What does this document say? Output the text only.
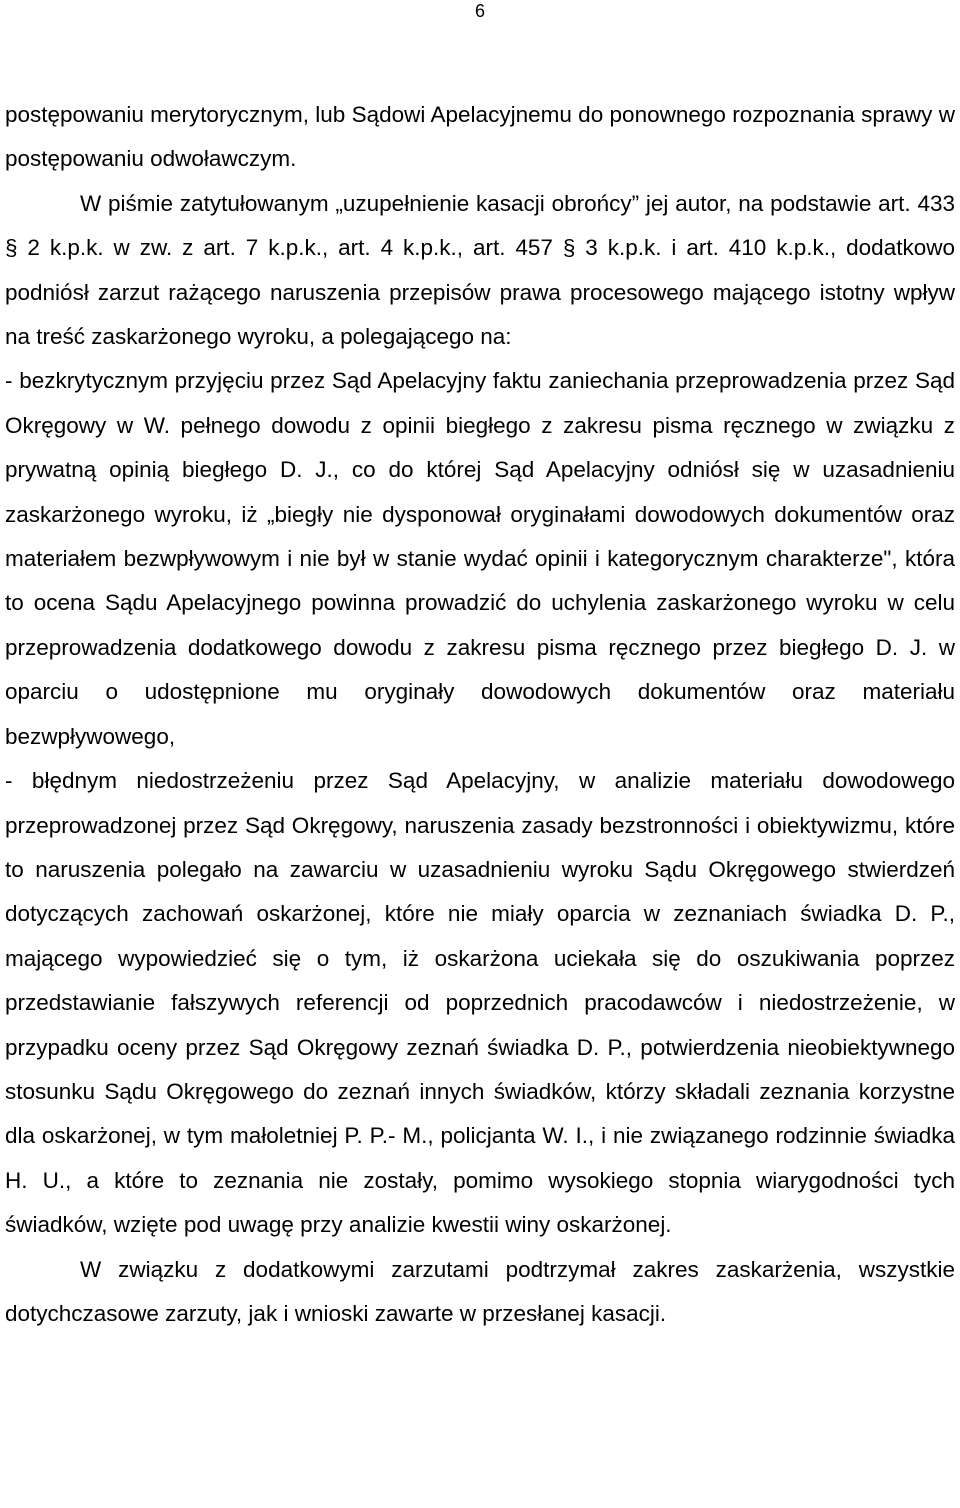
6

postępowaniu merytorycznym, lub Sądowi Apelacyjnemu do ponownego rozpoznania sprawy w postępowaniu odwoławczym.

W piśmie zatytułowanym „uzupełnienie kasacji obrońcy” jej autor, na podstawie art. 433 § 2 k.p.k. w zw. z art. 7 k.p.k., art. 4 k.p.k., art. 457 § 3 k.p.k. i art. 410 k.p.k., dodatkowo podniósł zarzut rażącego naruszenia przepisów prawa procesowego mającego istotny wpływ na treść zaskarżonego wyroku, a polegającego na:

- bezkrytycznym przyjęciu przez Sąd Apelacyjny faktu zaniechania przeprowadzenia przez Sąd Okręgowy w W. pełnego dowodu z opinii biegłego z zakresu pisma ręcznego w związku z prywatną opinią biegłego D. J., co do której Sąd Apelacyjny odniósł się w uzasadnieniu zaskarżonego wyroku, iż „biegły nie dysponował oryginałami dowodowych dokumentów oraz materiałem bezwpływowym i nie był w stanie wydać opinii i kategorycznym charakterze", która to ocena Sądu Apelacyjnego powinna prowadzić do uchylenia zaskarżonego wyroku w celu przeprowadzenia dodatkowego dowodu z zakresu pisma ręcznego przez biegłego D. J. w oparciu o udostępnione mu oryginały dowodowych dokumentów oraz materiału bezwpływowego,

- błędnym niedostrzeżeniu przez Sąd Apelacyjny, w analizie materiału dowodowego przeprowadzonej przez Sąd Okręgowy, naruszenia zasady bezstronności i obiektywizmu, które to naruszenia polegało na zawarciu w uzasadnieniu wyroku Sądu Okręgowego stwierdzeń dotyczących zachowań oskarżonej, które nie miały oparcia w zeznaniach świadka D. P., mającego wypowiedzieć się o tym, iż oskarżona uciekała się do oszukiwania poprzez przedstawianie fałszywych referencji od poprzednich pracodawców i niedostrzeżenie, w przypadku oceny przez Sąd Okręgowy zeznań świadka D. P., potwierdzenia nieobiektywnego stosunku Sądu Okręgowego do zeznań innych świadków, którzy składali zeznania korzystne dla oskarżonej, w tym małoletniej P. P.- M., policjanta W. I., i nie związanego rodzinnie świadka H. U., a które to zeznania nie zostały, pomimo wysokiego stopnia wiarygodności tych świadków, wzięte pod uwagę przy analizie kwestii winy oskarżonej.

W związku z dodatkowymi zarzutami podtrzymał zakres zaskarżenia, wszystkie dotychczasowe zarzuty, jak i wnioski zawarte w przesłanej kasacji.
